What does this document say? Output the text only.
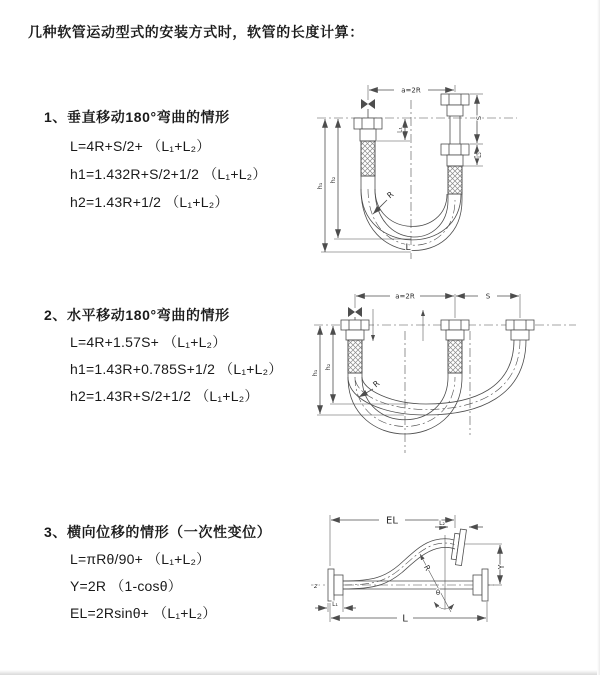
几种软管运动型式的安装方式时，软管的长度计算：
1、垂直移动180°弯曲的情形
L=4R+S/2+ （L₁+L₂）
h1=1.432R+S/2+1/2 （L₁+L₂）
h2=1.43R+1/2 （L₁+L₂）
2、水平移动180°弯曲的情形
L=4R+1.57S+ （L₁+L₂）
h1=1.43R+0.785S+1/2 （L₁+L₂）
h2=1.43R+S/2+1/2 （L₁+L₂）
3、横向位移的情形（一次性变位）
L=πRθ/90+ （L₁+L₂）
Y=2R （1-cosθ）
EL=2Rsinθ+ （L₁+L₂）
a=2R
L₁
S
L₂
h₂
h₁
R
L
a=2R	S
h₂
h₁
R
EL	L₂
Y
R
θ
L₁
L
z
